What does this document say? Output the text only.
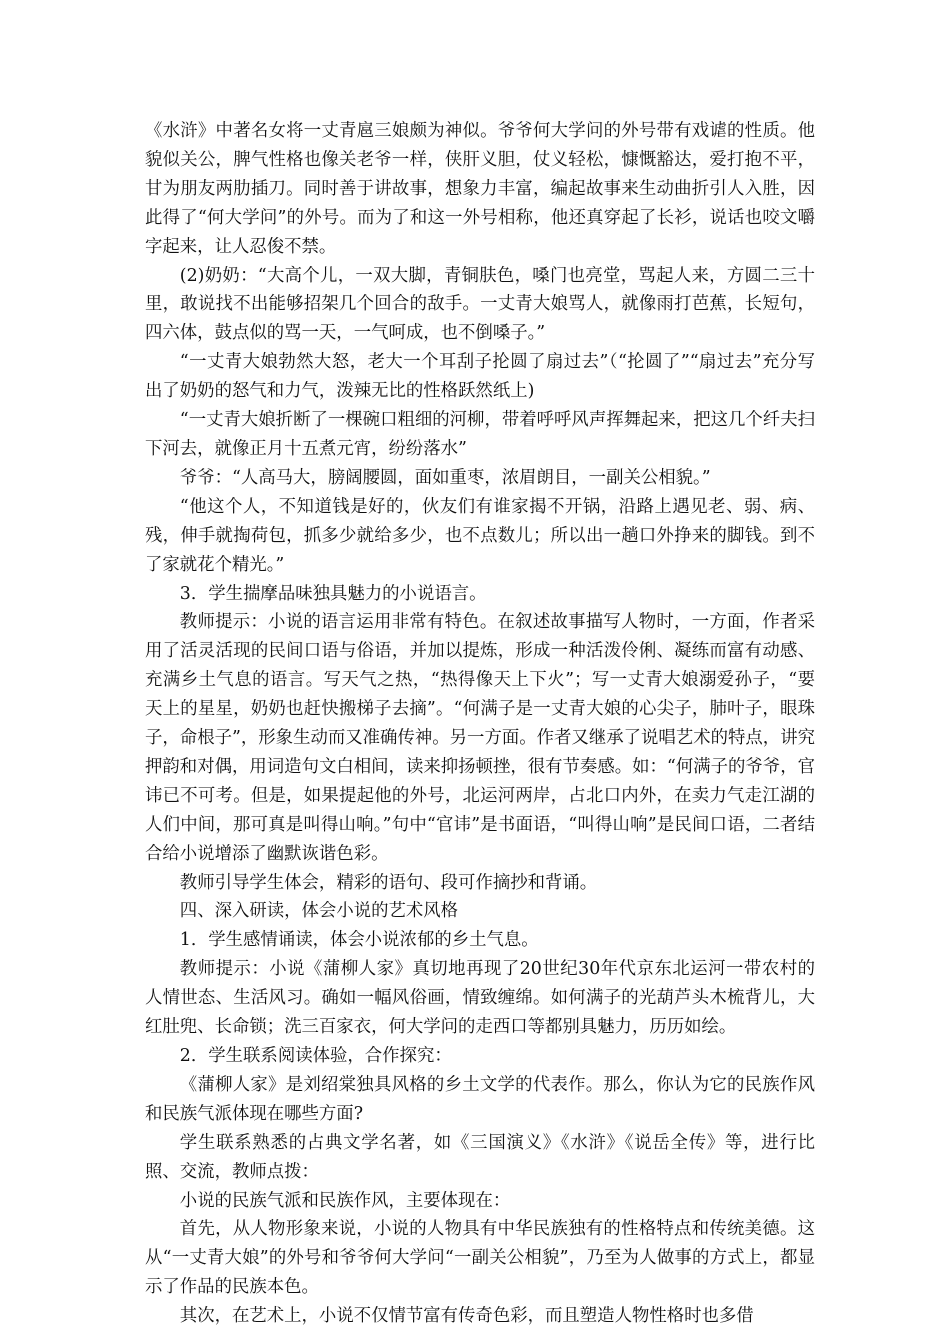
《水浒》中著名女将一丈青扈三娘颇为神似。爷爷何大学问的外号带有戏谑的性质。他貌似关公，脾气性格也像关老爷一样，侠肝义胆，仗义轻松，慷慨豁达，爱打抱不平，甘为朋友两肋插刀。同时善于讲故事，想象力丰富，编起故事来生动曲折引人入胜，因此得了“何大学问”的外号。而为了和这一外号相称，他还真穿起了长衫，说话也咬文嚼字起来，让人忍俊不禁。

(2)奶奶：“大高个儿，一双大脚，青铜肤色，嗓门也亮堂，骂起人来，方圆二三十里，敢说找不出能够招架几个回合的敌手。一丈青大娘骂人，就像雨打芭蕉，长短句，四六体，鼓点似的骂一天，一气呵成，也不倒嗓子。”

“一丈青大娘勃然大怒，老大一个耳刮子抡圆了扇过去”（“抡圆了”“扇过去”充分写出了奶奶的怒气和力气，泼辣无比的性格跃然纸上)

“一丈青大娘折断了一棵碗口粗细的河柳，带着呼呼风声挥舞起来，把这几个纤夫扫下河去，就像正月十五煮元宵，纷纷落水”

爷爷：“人高马大，膀阔腰圆，面如重枣，浓眉朗目，一副关公相貌。”

“他这个人，不知道钱是好的，伙友们有谁家揭不开锅，沿路上遇见老、弱、病、残，伸手就掏荷包，抓多少就给多少，也不点数儿；所以出一趟口外挣来的脚钱。到不了家就花个精光。”

3．学生揣摩品味独具魅力的小说语言。

教师提示：小说的语言运用非常有特色。在叙述故事描写人物时，一方面，作者采用了活灵活现的民间口语与俗语，并加以提炼，形成一种活泼伶俐、凝练而富有动感、充满乡土气息的语言。写天气之热，“热得像天上下火”；写一丈青大娘溺爱孙子，“要天上的星星，奶奶也赶快搬梯子去摘”。“何满子是一丈青大娘的心尖子，肺叶子，眼珠子，命根子”，形象生动而又准确传神。另一方面。作者又继承了说唱艺术的特点，讲究押韵和对偶，用词造句文白相间，读来抑扬顿挫，很有节奏感。如：“何满子的爷爷，官讳已不可考。但是，如果提起他的外号，北运河两岸，占北口内外，在卖力气走江湖的人们中间，那可真是叫得山响。”句中“官讳”是书面语，“叫得山响”是民间口语，二者结合给小说增添了幽默诙谐色彩。

教师引导学生体会，精彩的语句、段可作摘抄和背诵。

四、深入研读，体会小说的艺术风格

1．学生感情诵读，体会小说浓郁的乡土气息。

教师提示：小说《蒲柳人家》真切地再现了20世纪30年代京东北运河一带农村的人情世态、生活风习。确如一幅风俗画，情致缠绵。如何满子的光葫芦头木梳背儿，大红肚兜、长命锁；洗三百家衣，何大学问的走西口等都别具魅力，历历如绘。

2．学生联系阅读体验，合作探究：

《蒲柳人家》是刘绍棠独具风格的乡土文学的代表作。那么，你认为它的民族作风和民族气派体现在哪些方面?

学生联系熟悉的占典文学名著，如《三国演义》《水浒》《说岳全传》等，进行比照、交流，教师点拨：

小说的民族气派和民族作风，主要体现在：

首先，从人物形象来说，小说的人物具有中华民族独有的性格特点和传统美德。这从“一丈青大娘”的外号和爷爷何大学问“一副关公相貌”，乃至为人做事的方式上，都显示了作品的民族本色。

其次，在艺术上，小说不仅情节富有传奇色彩，而且塑造人物性格时也多借
